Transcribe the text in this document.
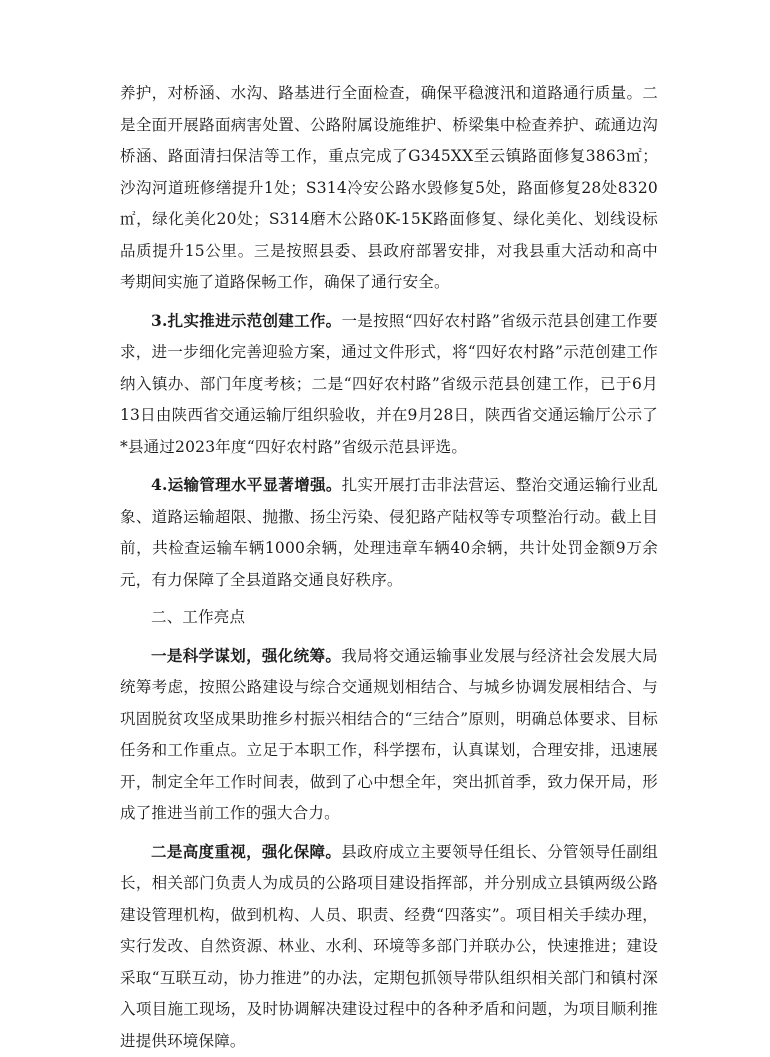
养护，对桥涵、水沟、路基进行全面检查，确保平稳渡汛和道路通行质量。二是全面开展路面病害处置、公路附属设施维护、桥梁集中检查养护、疏通边沟桥涵、路面清扫保洁等工作，重点完成了G345XX至云镇路面修复3863㎡；沙沟河道班修缮提升1处；S314冷安公路水毁修复5处，路面修复28处8320㎡，绿化美化20处；S314磨木公路0K-15K路面修复、绿化美化、划线设标品质提升15公里。三是按照县委、县政府部署安排，对我县重大活动和高中考期间实施了道路保畅工作，确保了通行安全。

3.扎实推进示范创建工作。一是按照“四好农村路”省级示范县创建工作要求，进一步细化完善迎验方案，通过文件形式，将“四好农村路”示范创建工作纳入镇办、部门年度考核；二是“四好农村路”省级示范县创建工作，已于6月13日由陕西省交通运输厅组织验收，并在9月28日，陕西省交通运输厅公示了*县通过2023年度“四好农村路”省级示范县评选。

4.运输管理水平显著增强。扎实开展打击非法营运、整治交通运输行业乱象、道路运输超限、抛撒、扬尘污染、侵犯路产陆权等专项整治行动。截上目前，共检查运输车辆1000余辆，处理违章车辆40余辆，共计处罚金额9万余元，有力保障了全县道路交通良好秩序。

二、工作亮点

一是科学谋划，强化统筹。我局将交通运输事业发展与经济社会发展大局统筹考虑，按照公路建设与综合交通规划相结合、与城乡协调发展相结合、与巩固脱贫攻坚成果助推乡村振兴相结合的“三结合”原则，明确总体要求、目标任务和工作重点。立足于本职工作，科学摆布，认真谋划，合理安排，迅速展开，制定全年工作时间表，做到了心中想全年，突出抓首季，致力保开局，形成了推进当前工作的强大合力。

二是高度重视，强化保障。县政府成立主要领导任组长、分管领导任副组长，相关部门负责人为成员的公路项目建设指挥部，并分别成立县镇两级公路建设管理机构，做到机构、人员、职责、经费“四落实”。项目相关手续办理，实行发改、自然资源、林业、水利、环境等多部门并联办公，快速推进；建设采取“互联互动，协力推进”的办法，定期包抓领导带队组织相关部门和镇村深入项目施工现场，及时协调解决建设过程中的各种矛盾和问题，为项目顺利推进提供环境保障。
